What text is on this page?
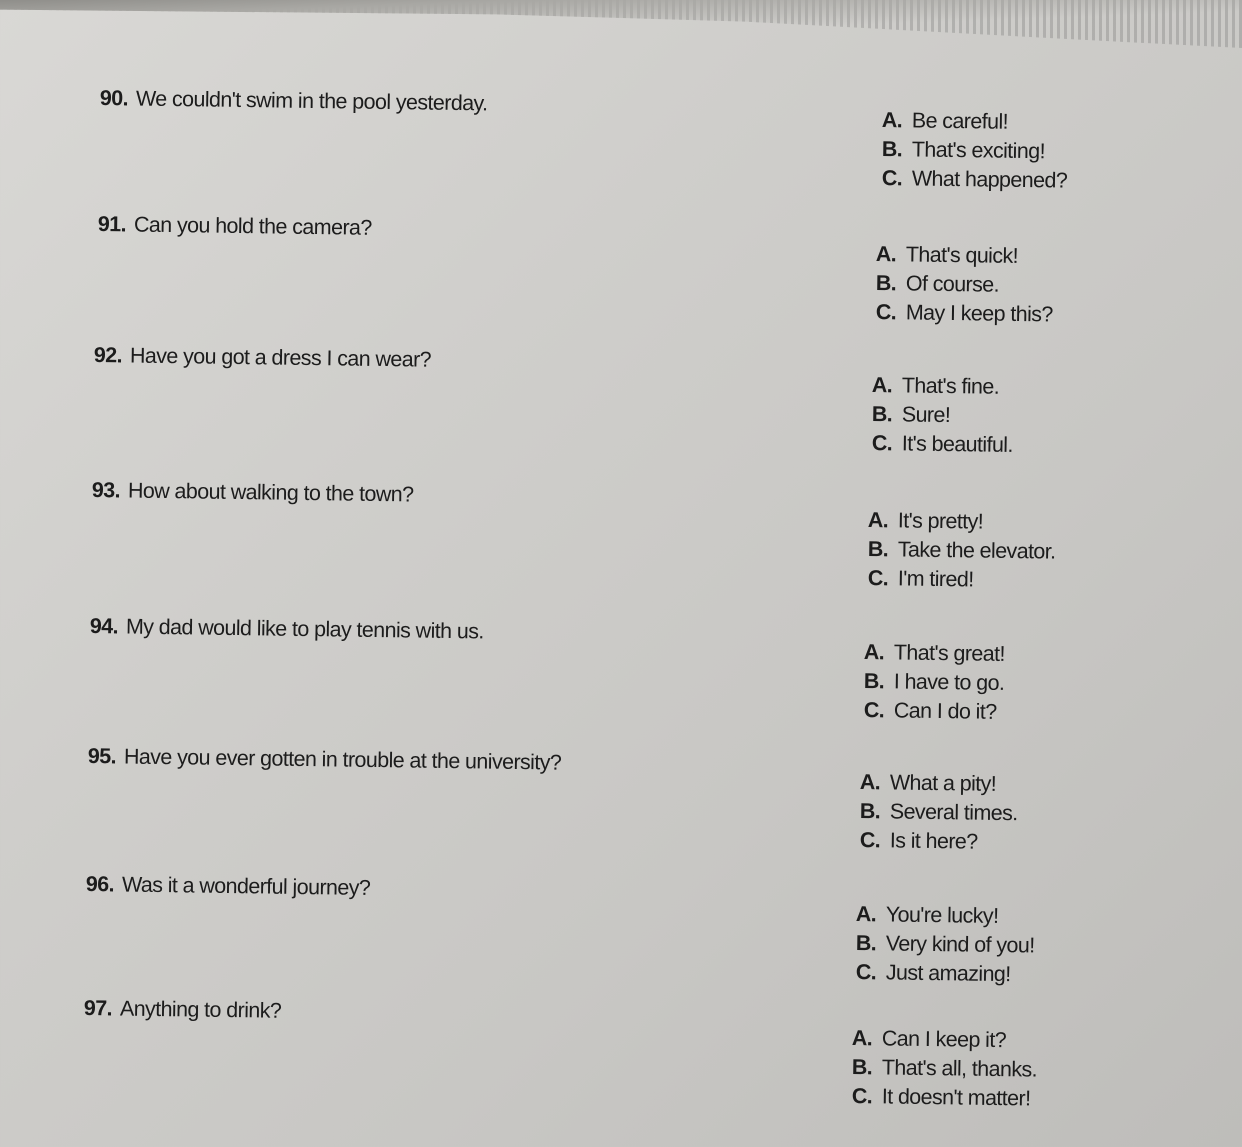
90. We couldn't swim in the pool yesterday.
A. Be careful!
B. That's exciting!
C. What happened?
91. Can you hold the camera?
A. That's quick!
B. Of course.
C. May I keep this?
92. Have you got a dress I can wear?
A. That's fine.
B. Sure!
C. It's beautiful.
93. How about walking to the town?
A. It's pretty!
B. Take the elevator.
C. I'm tired!
94. My dad would like to play tennis with us.
A. That's great!
B. I have to go.
C. Can I do it?
95. Have you ever gotten in trouble at the university?
A. What a pity!
B. Several times.
C. Is it here?
96. Was it a wonderful journey?
A. You're lucky!
B. Very kind of you!
C. Just amazing!
97. Anything to drink?
A. Can I keep it?
B. That's all, thanks.
C. It doesn't matter!
